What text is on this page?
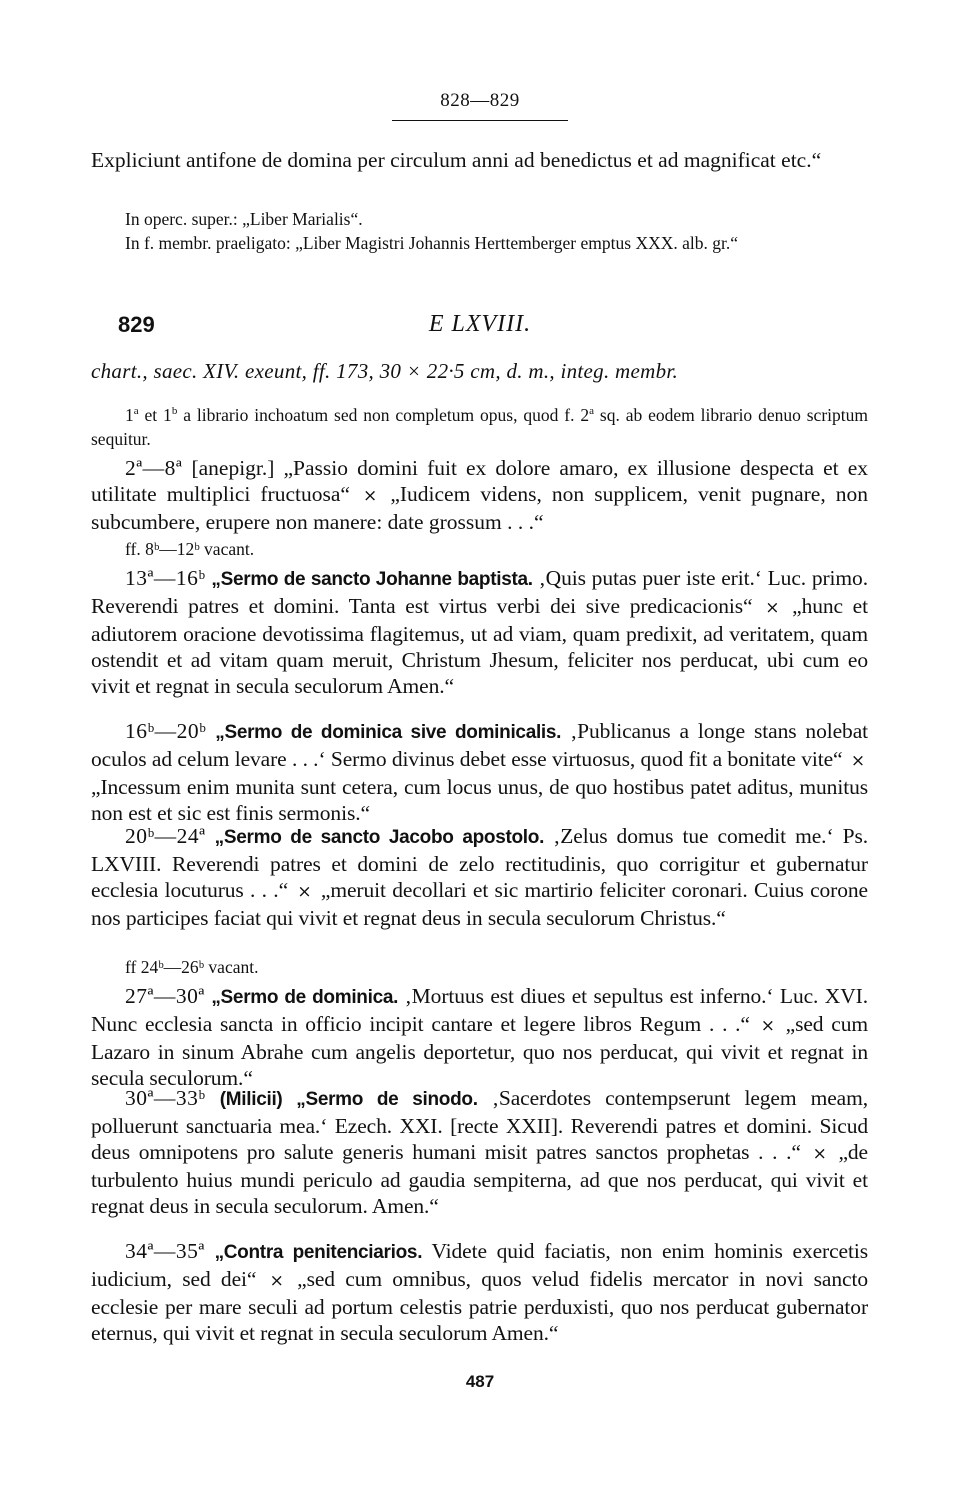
828—829
Expliciunt antifone de domina per circulum anni ad benedictus et ad magnificat etc.“
In operc. super.: „Liber Marialis“.
In f. membr. praeligato: „Liber Magistri Johannis Herttemberger emptus XXX. alb. gr.“
829	E LXVIII.
chart., saec. XIV. exeunt, ff. 173, 30 × 22·5 cm, d. m., integ. membr.
1$^a$ et 1$^b$ a librario inchoatum sed non completum opus, quod f. 2$^a$ sq. ab eodem librario denuo scriptum sequitur.
2ª—8ª [anepigr.] „Passio domini fuit ex dolore amaro, ex illusione despecta et ex utilitate multiplici fructuosa“ × „Iudicem videns, non supplicem, venit pugnare, non subcumbere, erupere non manere: date grossum . . .“
ff. 8ᵇ—12ᵇ vacant.
13ª—16ᵇ „Sermo de sancto Johanne baptista. ‚Quis putas puer iste erit.‘ Luc. primo. Reverendi patres et domini. Tanta est virtus verbi dei sive predicacionis“ × „hunc et adiutorem oracione devotissima flagitemus, ut ad viam, quam predixit, ad veritatem, quam ostendit et ad vitam quam meruit, Christum Jhesum, feliciter nos perducat, ubi cum eo vivit et regnat in secula seculorum Amen.“
16ᵇ—20ᵇ „Sermo de dominica sive dominicalis. ‚Publicanus a longe stans nolebat oculos ad celum levare . . .‘ Sermo divinus debet esse virtuosus, quod fit a bonitate vite“ × „Incessum enim munita sunt cetera, cum locus unus, de quo hostibus patet aditus, munitus non est et sic est finis sermonis.“
20ᵇ—24ª „Sermo de sancto Jacobo apostolo. ‚Zelus domus tue comedit me.‘ Ps. LXVIII. Reverendi patres et domini de zelo rectitudinis, quo corrigitur et gubernatur ecclesia locuturus . . .“ × „meruit decollari et sic martirio feliciter coronari. Cuius corone nos participes faciat qui vivit et regnat deus in secula seculorum Christus.“
ff 24ᵇ—26ᵇ vacant.
27ª—30ª „Sermo de dominica. ‚Mortuus est diues et sepultus est inferno.‘ Luc. XVI. Nunc ecclesia sancta in officio incipit cantare et legere libros Regum . . .“ × „sed cum Lazaro in sinum Abrahe cum angelis deportetur, quo nos perducat, qui vivit et regnat in secula seculorum.“
30ª—33ᵇ (Milicii) „Sermo de sinodo. ‚Sacerdotes contempserunt legem meam, polluerunt sanctuaria mea.‘ Ezech. XXI. [recte XXII]. Reverendi patres et domini. Sicud deus omnipotens pro salute generis humani misit patres sanctos prophetas . . .“ × „de turbulento huius mundi periculo ad gaudia sempiterna, ad que nos perducat, qui vivit et regnat deus in secula seculorum. Amen.“
34ª—35ª „Contra penitenciarios. Videte quid faciatis, non enim hominis exercetis iudicium, sed dei“ × „sed cum omnibus, quos velud fidelis mercator in novi sancto ecclesie per mare seculi ad portum celestis patrie perduxisti, quo nos perducat gubernator eternus, qui vivit et regnat in secula seculorum Amen.“
487
